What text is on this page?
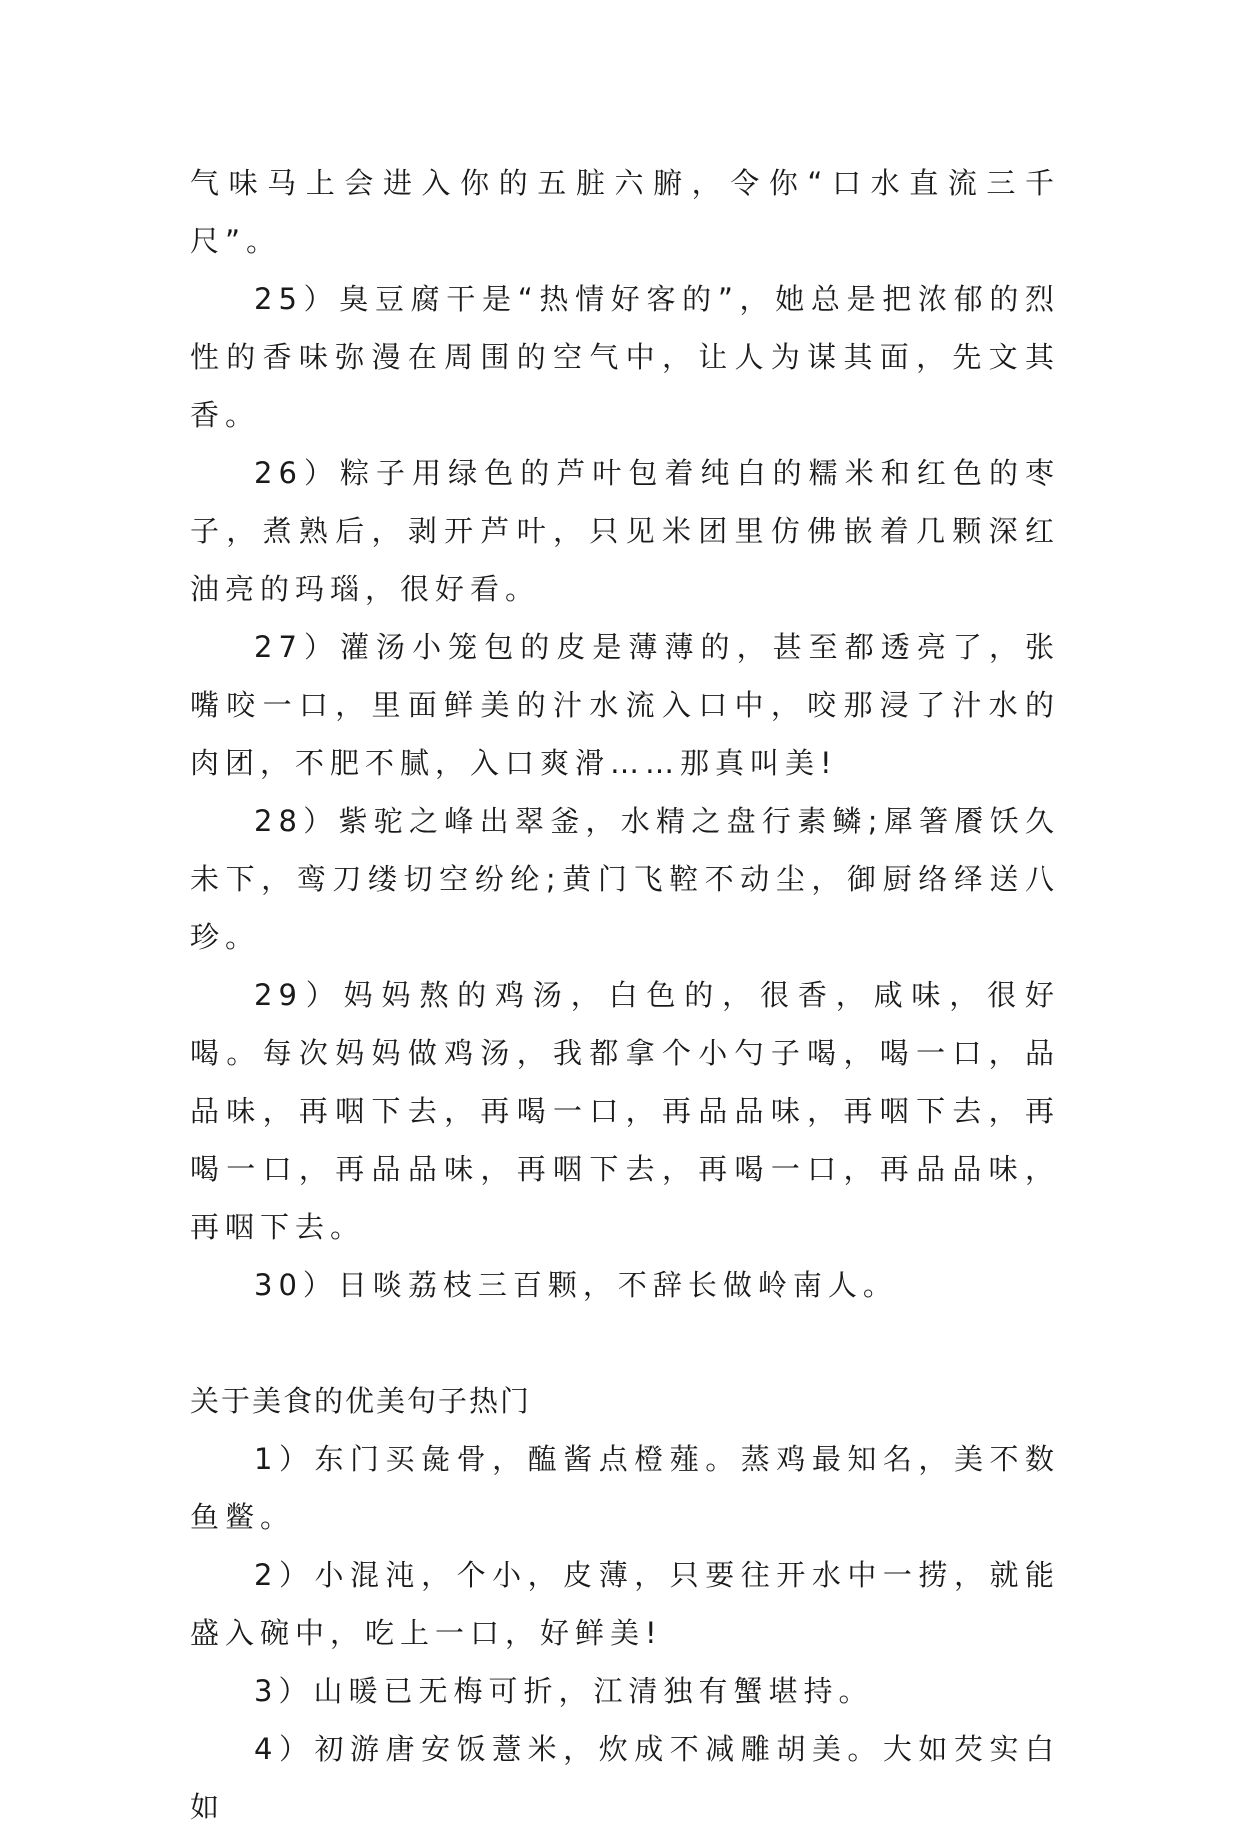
气味马上会进入你的五脏六腑，令你“口水直流三千尺”。

25）臭豆腐干是“热情好客的”，她总是把浓郁的烈性的香味弥漫在周围的空气中，让人为谋其面，先文其香。

26）粽子用绿色的芦叶包着纯白的糯米和红色的枣子，煮熟后，剥开芦叶，只见米团里仿佛嵌着几颗深红油亮的玛瑙，很好看。

27）灌汤小笼包的皮是薄薄的，甚至都透亮了，张嘴咬一口，里面鲜美的汁水流入口中，咬那浸了汁水的肉团，不肥不腻，入口爽滑……那真叫美!

28）紫驼之峰出翠釜，水精之盘行素鳞;犀箸餍饫久未下，鸾刀缕切空纷纶;黄门飞鞚不动尘，御厨络绎送八珍。

29）妈妈熬的鸡汤，白色的，很香，咸味，很好喝。每次妈妈做鸡汤，我都拿个小勺子喝，喝一口，品品味，再咽下去，再喝一口，再品品味，再咽下去，再喝一口，再品品味，再咽下去，再喝一口，再品品味，再咽下去。

30）日啖荔枝三百颗，不辞长做岭南人。

关于美食的优美句子热门

1）东门买彘骨，醢酱点橙薤。蒸鸡最知名，美不数鱼鳖。

2）小混沌，个小，皮薄，只要往开水中一捞，就能盛入碗中，吃上一口，好鲜美!

3）山暖已无梅可折，江清独有蟹堪持。

4）初游唐安饭薏米，炊成不减雕胡美。大如芡实白如
